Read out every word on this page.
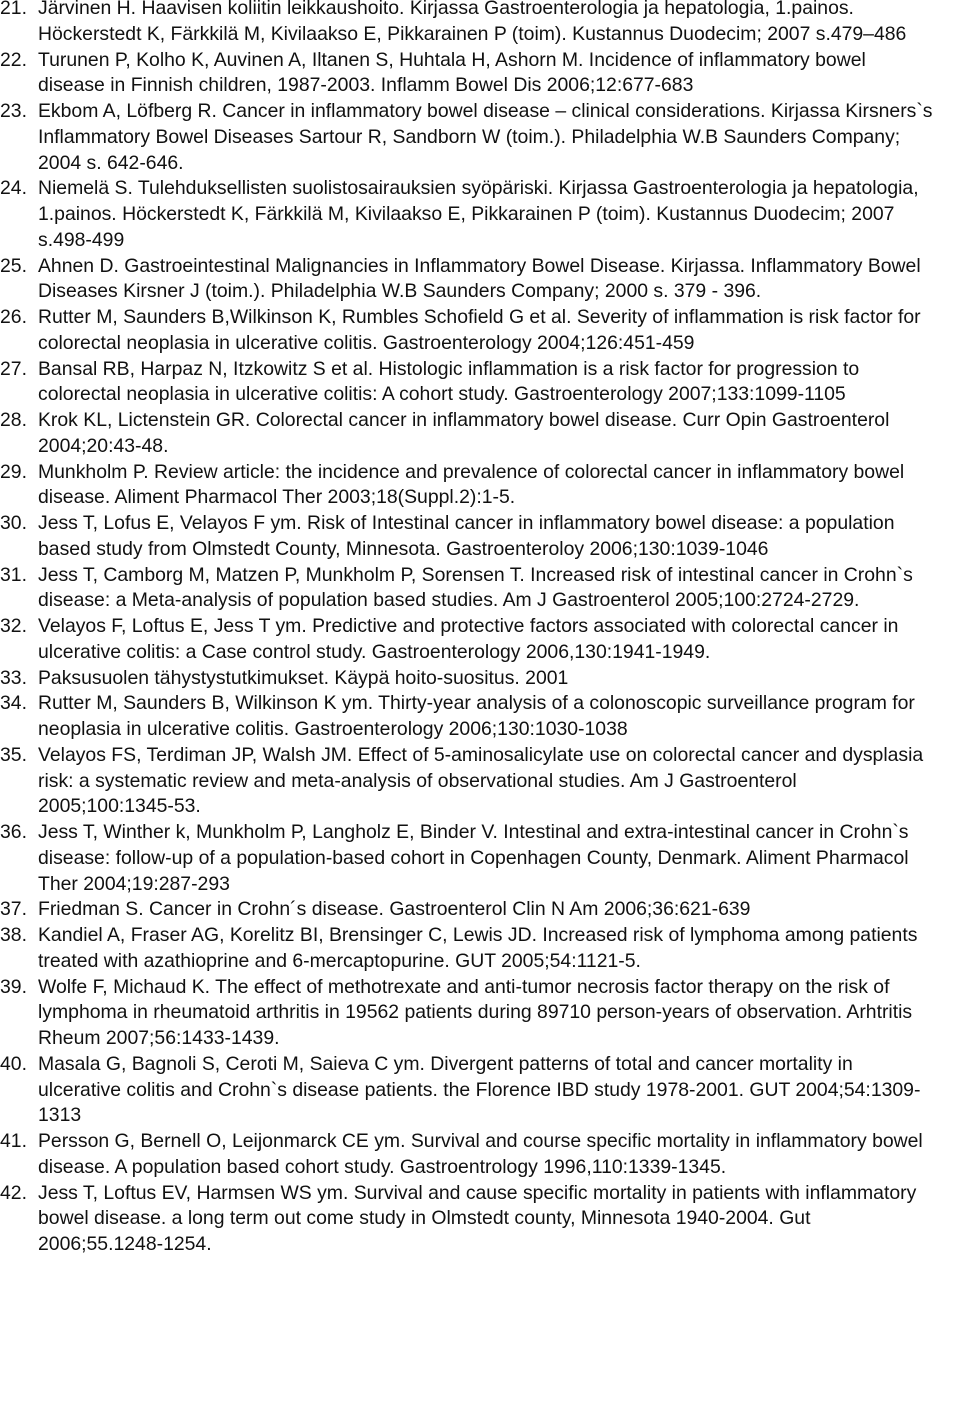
21. Järvinen H. Haavisen koliitin leikkaushoito. Kirjassa Gastroenterologia ja hepatologia, 1.painos. Höckerstedt K, Färkkilä M, Kivilaakso E, Pikkarainen P (toim). Kustannus Duodecim; 2007 s.479–486
22. Turunen P, Kolho K, Auvinen A, Iltanen S, Huhtala H, Ashorn M. Incidence of inflammatory bowel disease in Finnish children, 1987-2003. Inflamm Bowel Dis 2006;12:677-683
23. Ekbom A, Löfberg R. Cancer in inflammatory bowel disease – clinical considerations. Kirjassa Kirsners`s Inflammatory Bowel Diseases Sartour R, Sandborn W (toim.). Philadelphia W.B Saunders Company; 2004 s. 642-646.
24. Niemelä S. Tulehduksellisten suolistosairauksien syöpäriski. Kirjassa Gastroenterologia ja hepatologia, 1.painos. Höckerstedt K, Färkkilä M, Kivilaakso E, Pikkarainen P (toim). Kustannus Duodecim; 2007 s.498-499
25. Ahnen D. Gastroeintestinal Malignancies in Inflammatory Bowel Disease. Kirjassa. Inflammatory Bowel Diseases Kirsner J (toim.). Philadelphia W.B Saunders Company; 2000 s. 379 - 396.
26. Rutter M, Saunders B,Wilkinson K, Rumbles Schofield G et al. Severity of inflammation is risk factor for colorectal neoplasia in ulcerative colitis. Gastroenterology 2004;126:451-459
27. Bansal RB, Harpaz N, Itzkowitz S et al. Histologic inflammation is a risk factor for progression to colorectal neoplasia in ulcerative colitis: A cohort study. Gastroenterology 2007;133:1099-1105
28. Krok KL, Lictenstein GR. Colorectal cancer in inflammatory bowel disease. Curr Opin Gastroenterol 2004;20:43-48.
29. Munkholm P. Review article: the incidence and prevalence of colorectal cancer in inflammatory bowel disease. Aliment Pharmacol Ther 2003;18(Suppl.2):1-5.
30. Jess T, Lofus E, Velayos F ym. Risk of Intestinal cancer in inflammatory bowel disease: a population based study from Olmstedt County, Minnesota. Gastroenteroloy 2006;130:1039-1046
31. Jess T, Camborg M, Matzen P, Munkholm P, Sorensen T. Increased risk of intestinal cancer in Crohn`s disease: a Meta-analysis of population based studies. Am J Gastroenterol 2005;100:2724-2729.
32. Velayos F, Loftus E, Jess T ym. Predictive and protective factors associated with colorectal cancer in ulcerative colitis: a Case control study. Gastroenterology 2006,130:1941-1949.
33. Paksusuolen tähystystutkimukset. Käypä hoito-suositus. 2001
34. Rutter M, Saunders B, Wilkinson K ym. Thirty-year analysis of a colonoscopic surveillance program for neoplasia in ulcerative colitis. Gastroenterology 2006;130:1030-1038
35. Velayos FS, Terdiman JP, Walsh JM. Effect of 5-aminosalicylate use on colorectal cancer and dysplasia risk: a systematic review and meta-analysis of observational studies. Am J Gastroenterol 2005;100:1345-53.
36. Jess T, Winther k, Munkholm P, Langholz E, Binder V. Intestinal and extra-intestinal cancer in Crohn`s disease: follow-up of a population-based cohort in Copenhagen County, Denmark. Aliment Pharmacol Ther 2004;19:287-293
37. Friedman S. Cancer in Crohn´s disease. Gastroenterol Clin N Am 2006;36:621-639
38. Kandiel A, Fraser AG, Korelitz BI, Brensinger C, Lewis JD. Increased risk of lymphoma among patients treated with azathioprine and 6-mercaptopurine. GUT 2005;54:1121-5.
39. Wolfe F, Michaud K. The effect of methotrexate and anti-tumor necrosis factor therapy on the risk of lymphoma in rheumatoid arthritis in 19562 patients during 89710 person-years of observation. Arhtritis Rheum 2007;56:1433-1439.
40. Masala G, Bagnoli S, Ceroti M, Saieva C ym. Divergent patterns of total and cancer mortality in ulcerative colitis and Crohn`s disease patients. the Florence IBD study 1978-2001. GUT 2004;54:1309-1313
41. Persson G, Bernell O, Leijonmarck CE ym. Survival and course specific mortality in inflammatory bowel disease. A population based cohort study. Gastroentrology 1996,110:1339-1345.
42. Jess T, Loftus EV, Harmsen WS ym. Survival and cause specific mortality in patients with inflammatory bowel disease. a long term out come study in Olmstedt county, Minnesota 1940-2004. Gut 2006;55.1248-1254.
